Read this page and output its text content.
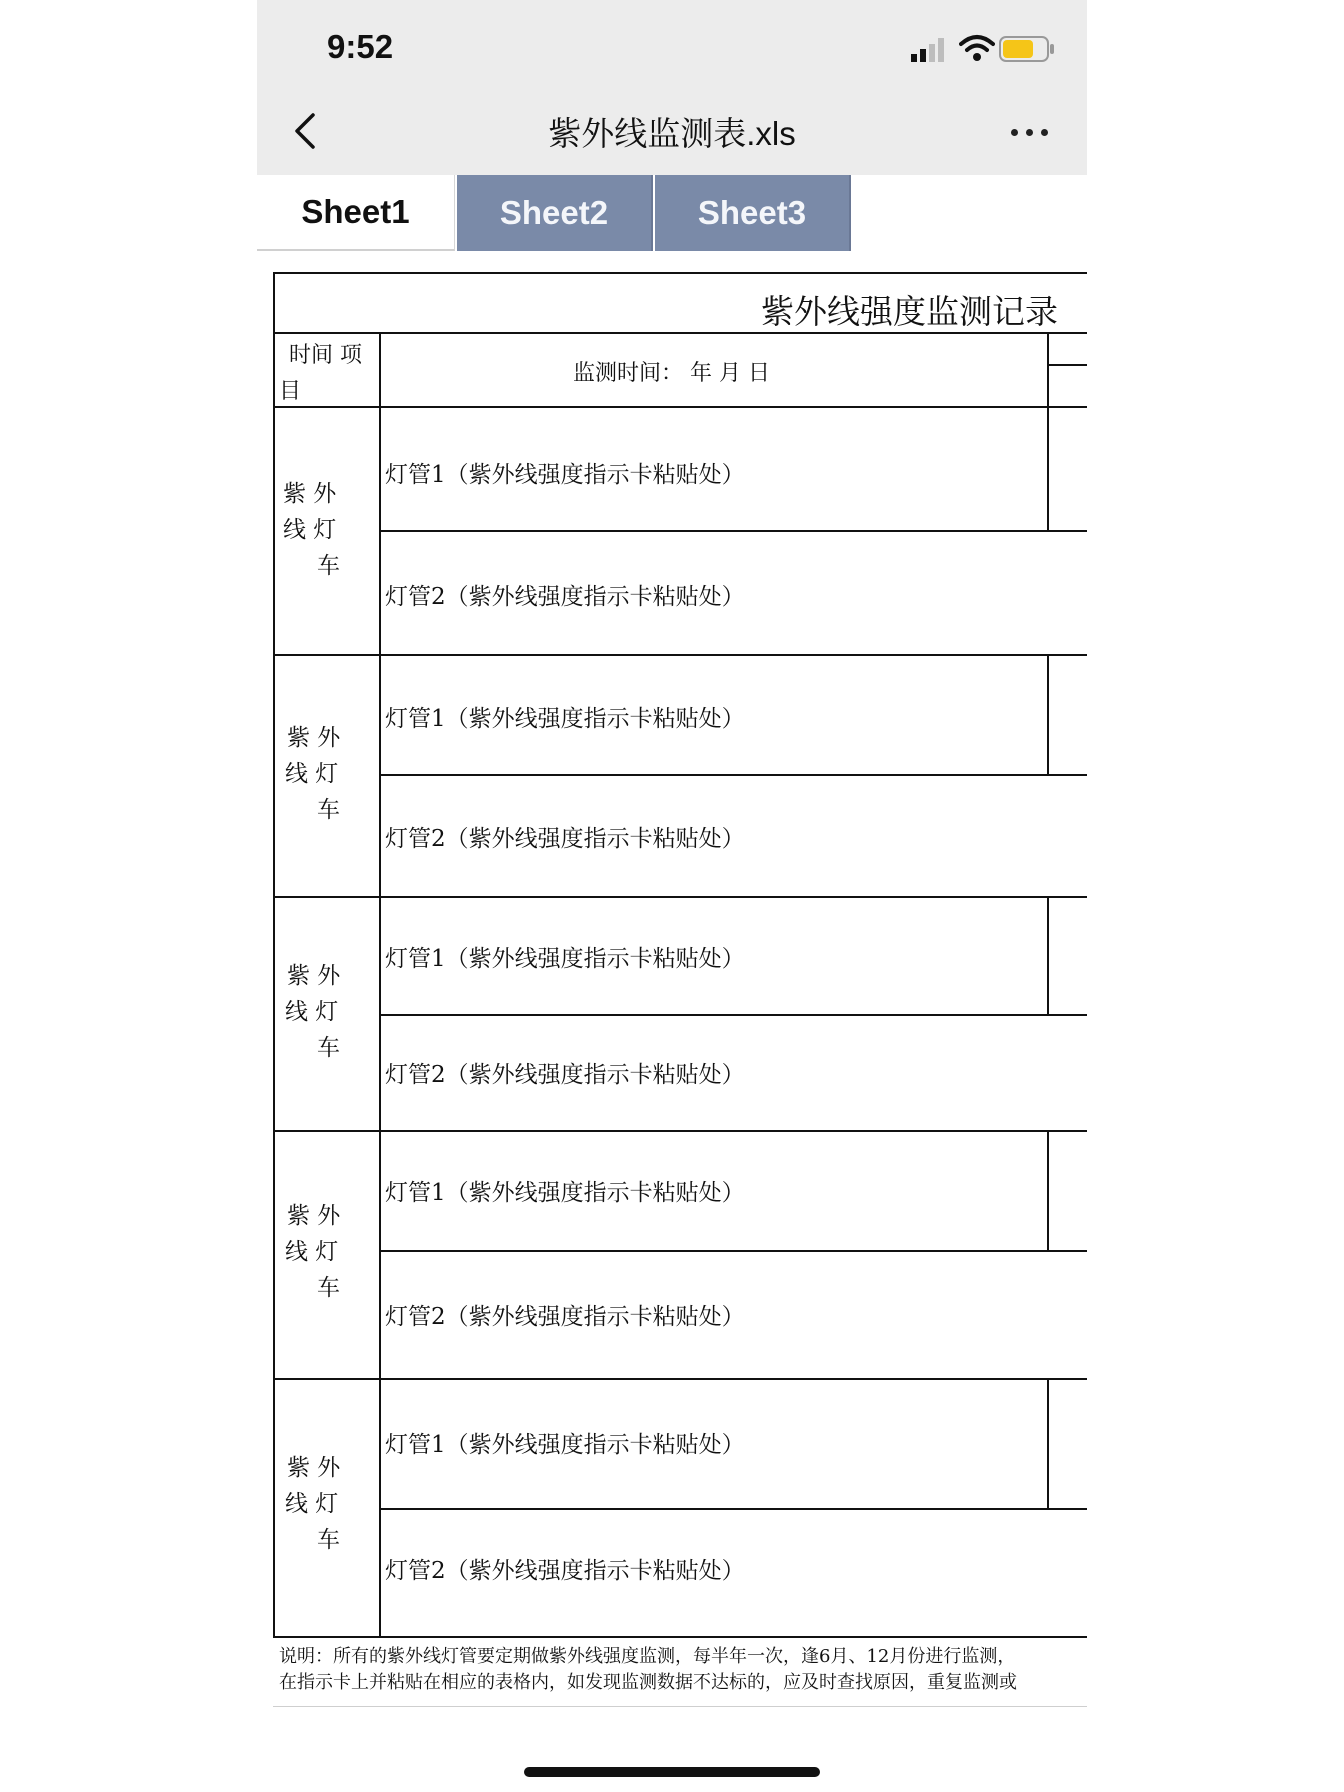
9:52
紫外线监测表.xls
Sheet1	Sheet2	Sheet3
紫外线强度监测记录
时间 项
目
监测时间： 年 月 日
紫 外
线 灯
车
灯管1（紫外线强度指示卡粘贴处）
灯管2（紫外线强度指示卡粘贴处）
紫 外
线 灯
车
灯管1（紫外线强度指示卡粘贴处）
灯管2（紫外线强度指示卡粘贴处）
紫 外
线 灯
车
灯管1（紫外线强度指示卡粘贴处）
灯管2（紫外线强度指示卡粘贴处）
紫 外
线 灯
车
灯管1（紫外线强度指示卡粘贴处）
灯管2（紫外线强度指示卡粘贴处）
紫 外
线 灯
车
灯管1（紫外线强度指示卡粘贴处）
灯管2（紫外线强度指示卡粘贴处）
说明：所有的紫外线灯管要定期做紫外线强度监测，每半年一次，逢6月、12月份进行监测，
在指示卡上并粘贴在相应的表格内，如发现监测数据不达标的，应及时查找原因，重复监测或
